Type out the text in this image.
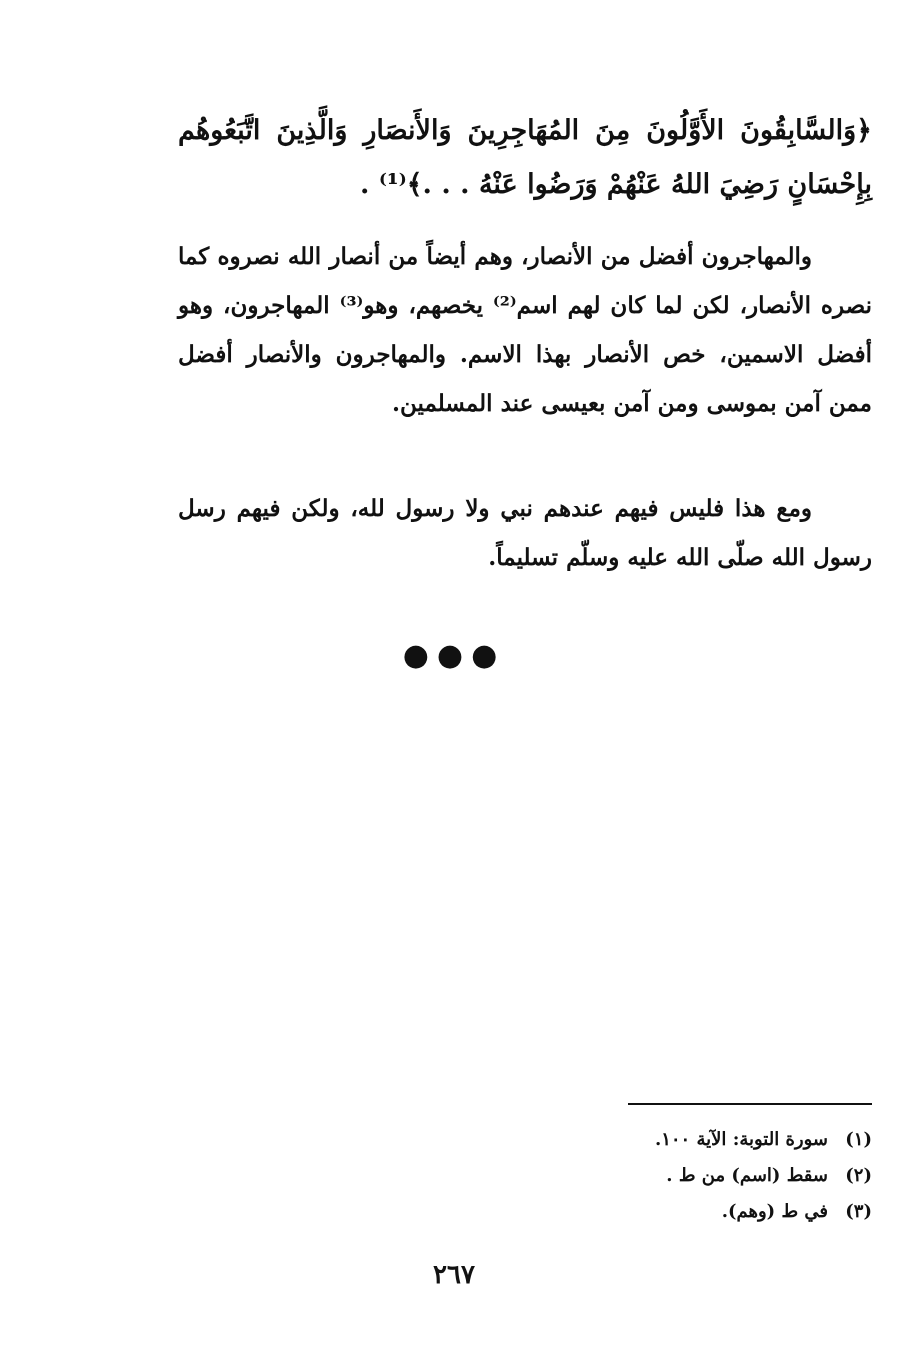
﴿وَالسَّابِقُونَ الأَوَّلُونَ مِنَ المُهَاجِرِينَ وَالأَنصَارِ وَالَّذِينَ اتَّبَعُوهُم بِإِحْسَانٍ رَضِيَ اللهُ عَنْهُمْ وَرَضُوا عَنْهُ . . .﴾⁽¹⁾ .
والمهاجرون أفضل من الأنصار، وهم أيضاً من أنصار الله نصروه كما نصره الأنصار، لكن لما كان لهم اسم⁽²⁾ يخصهم، وهو⁽³⁾ المهاجرون، وهو أفضل الاسمين، خص الأنصار بهذا الاسم. والمهاجرون والأنصار أفضل ممن آمن بموسى ومن آمن بعيسى عند المسلمين.
ومع هذا فليس فيهم عندهم نبي ولا رسول لله، ولكن فيهم رسل رسول الله صلّى الله عليه وسلّم تسليماً.
●●●
(١)سورة التوبة: الآية ١٠٠.
(٢)سقط (اسم) من ط .
(٣)في ط (وهم).
٢٦٧
